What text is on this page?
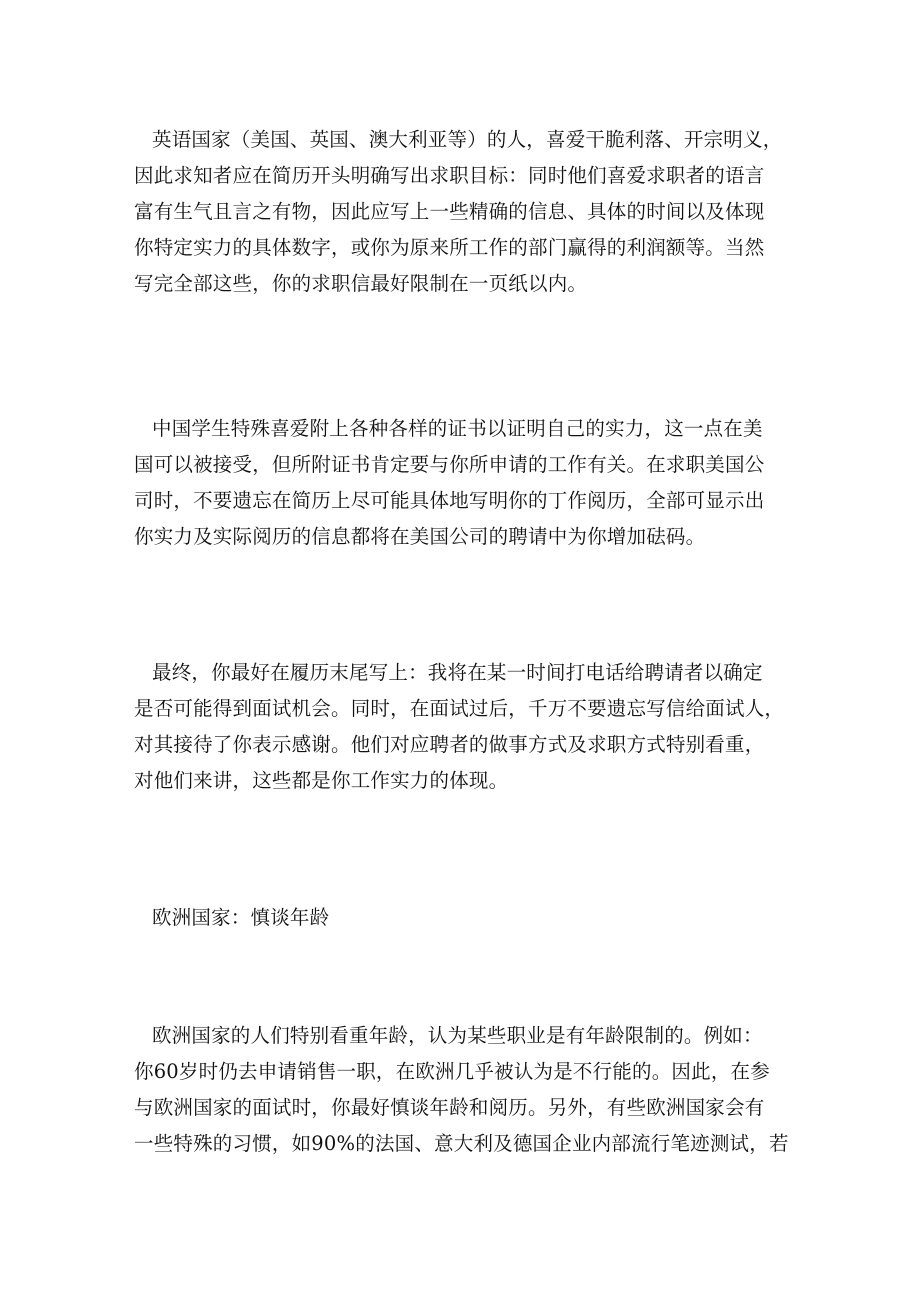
英语国家（美国、英国、澳大利亚等）的人，喜爱干脆利落、开宗明义，
因此求知者应在简历开头明确写出求职目标：同时他们喜爱求职者的语言
富有生气且言之有物，因此应写上一些精确的信息、具体的时间以及体现
你特定实力的具体数字，或你为原来所工作的部门赢得的利润额等。当然
写完全部这些，你的求职信最好限制在一页纸以内。
中国学生特殊喜爱附上各种各样的证书以证明自己的实力，这一点在美
国可以被接受，但所附证书肯定要与你所申请的工作有关。在求职美国公
司时，不要遗忘在简历上尽可能具体地写明你的丁作阅历，全部可显示出
你实力及实际阅历的信息都将在美国公司的聘请中为你增加砝码。
最终，你最好在履历末尾写上：我将在某一时间打电话给聘请者以确定
是否可能得到面试机会。同时，在面试过后，千万不要遗忘写信给面试人，
对其接待了你表示感谢。他们对应聘者的做事方式及求职方式特别看重，
对他们来讲，这些都是你工作实力的体现。
欧洲国家：慎谈年龄
欧洲国家的人们特别看重年龄，认为某些职业是有年龄限制的。例如：
你60岁时仍去申请销售一职，在欧洲几乎被认为是不行能的。因此，在参
与欧洲国家的面试时，你最好慎谈年龄和阅历。另外，有些欧洲国家会有
一些特殊的习惯，如90%的法国、意大利及德国企业内部流行笔迹测试，若
